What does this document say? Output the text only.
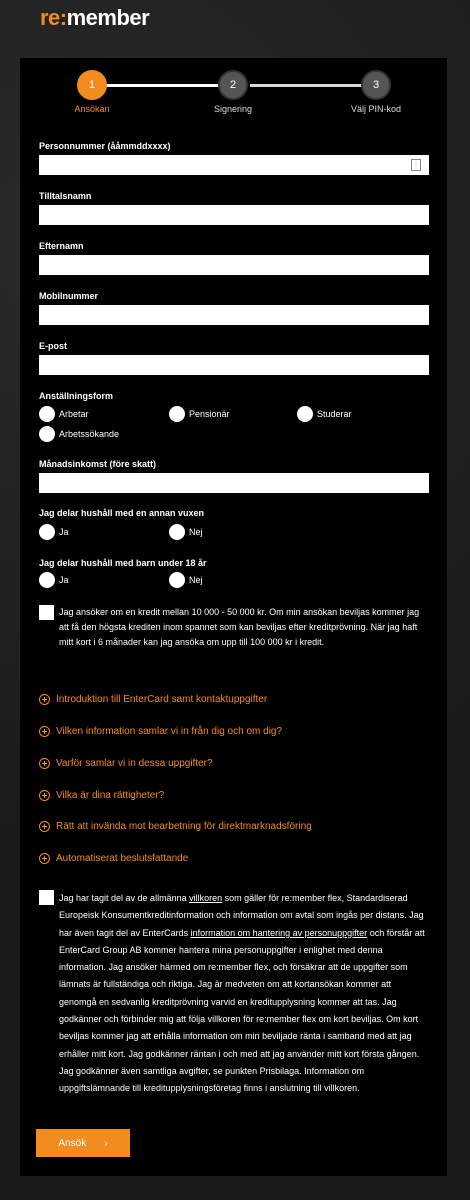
re:member
1
Ansökan
2
Signering
3
Välj PIN-kod
Personnummer (ååmmddxxxx)
⋮
Tilltalsnamn
Efternamn
Mobilnummer
E-post
Anställningsform
Arbetar	Pensionär	Studerar
Arbetssökande
Månadsinkomst (före skatt)
Jag delar hushåll med en annan vuxen
Ja	Nej
Jag delar hushåll med barn under 18 år
Ja	Nej
Jag ansöker om en kredit mellan 10 000 - 50 000 kr. Om min ansökan beviljas kommer jag att få den högsta krediten inom spannet som kan beviljas efter kreditprövning. När jag haft mitt kort i 6 månader kan jag ansöka om upp till 100 000 kr i kredit.
Introduktion till EnterCard samt kontaktuppgifter
Vilken information samlar vi in från dig och om dig?
Varför samlar vi in dessa uppgifter?
Vilka är dina rättigheter?
Rätt att invända mot bearbetning för direktmarknadsföring
Automatiserat beslutsfattande
Jag har tagit del av de allmänna villkoren som gäller för re:member flex, Standardiserad Europeisk Konsumentkreditinformation och information om avtal som ingås per distans. Jag har även tagit del av EnterCards information om hantering av personuppgifter och förstår att EnterCard Group AB kommer hantera mina personuppgifter i enlighet med denna information. Jag ansöker härmed om re:member flex, och försäkrar att de uppgifter som lämnats är fullständiga och riktiga. Jag är medveten om att kortansökan kommer att genomgå en sedvanlig kreditprövning varvid en kreditupplysning kommer att tas. Jag godkänner och förbinder mig att följa villkoren för re:member flex om kort beviljas. Om kort beviljas kommer jag att erhålla information om min beviljade ränta i samband med att jag erhåller mitt kort. Jag godkänner räntan i och med att jag använder mitt kort första gången. Jag godkänner även samtliga avgifter, se punkten Prisbilaga. Information om uppgiftslämnande till kreditupplysningsföretag finns i anslutning till villkoren.
Ansök ›
